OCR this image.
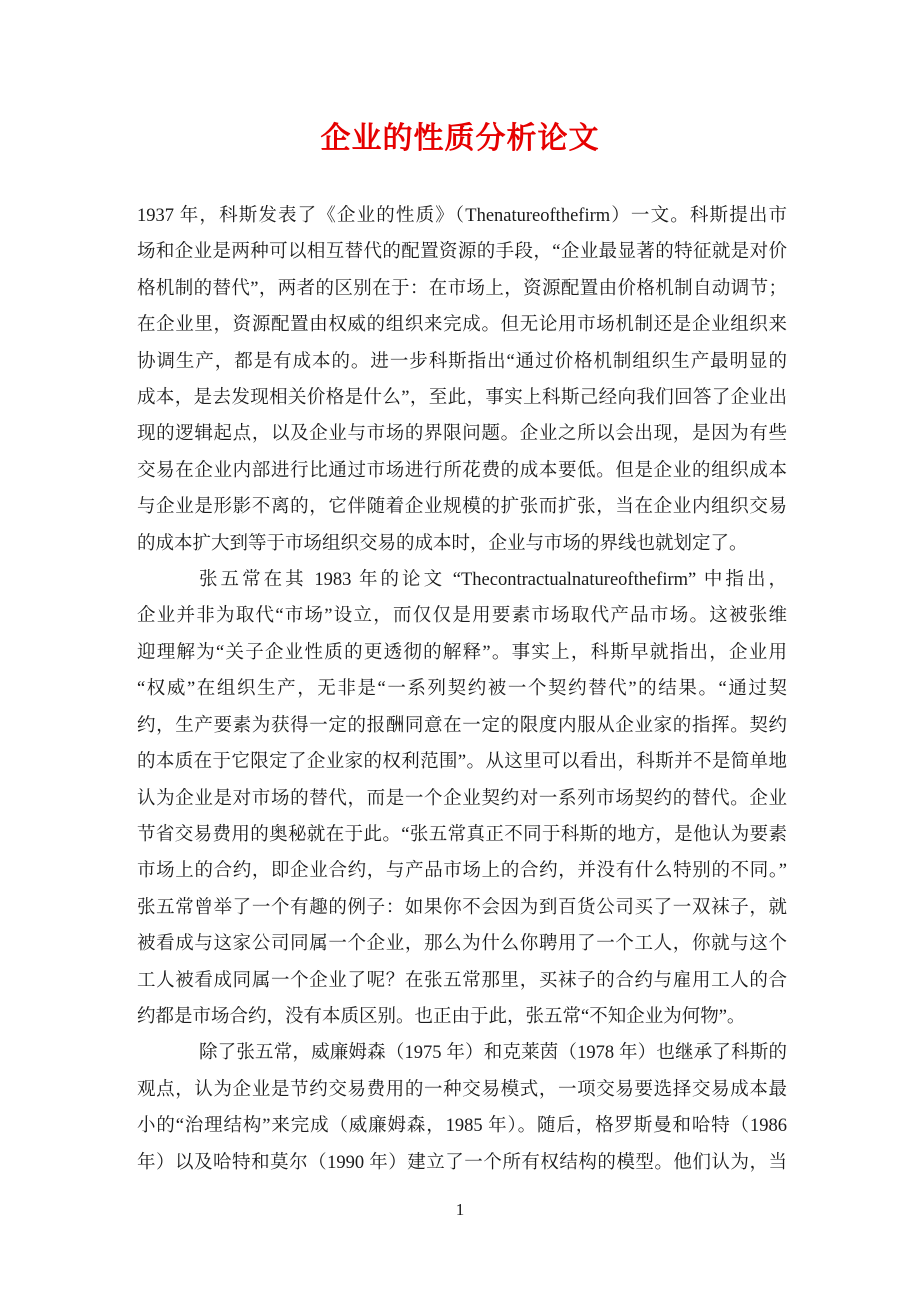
企业的性质分析论文
1937 年，科斯发表了《企业的性质》（Thenatureofthefirm）一文。科斯提出市
场和企业是两种可以相互替代的配置资源的手段，“企业最显著的特征就是对价
格机制的替代”，两者的区别在于：在市场上，资源配置由价格机制自动调节；
在企业里，资源配置由权威的组织来完成。但无论用市场机制还是企业组织来
协调生产，都是有成本的。进一步科斯指出“通过价格机制组织生产最明显的
成本，是去发现相关价格是什么”，至此，事实上科斯己经向我们回答了企业出
现的逻辑起点，以及企业与市场的界限问题。企业之所以会出现，是因为有些
交易在企业内部进行比通过市场进行所花费的成本要低。但是企业的组织成本
与企业是形影不离的，它伴随着企业规模的扩张而扩张，当在企业内组织交易
的成本扩大到等于市场组织交易的成本时，企业与市场的界线也就划定了。
张五常在其 1983 年的论文 “Thecontractualnatureofthefirm” 中指出，
企业并非为取代“市场”设立，而仅仅是用要素市场取代产品市场。这被张维
迎理解为“关子企业性质的更透彻的解释”。事实上，科斯早就指出，企业用
“权威”在组织生产，无非是“一系列契约被一个契约替代”的结果。“通过契
约，生产要素为获得一定的报酬同意在一定的限度内服从企业家的指挥。契约
的本质在于它限定了企业家的权利范围”。从这里可以看出，科斯并不是简单地
认为企业是对市场的替代，而是一个企业契约对一系列市场契约的替代。企业
节省交易费用的奥秘就在于此。“张五常真正不同于科斯的地方，是他认为要素
市场上的合约，即企业合约，与产品市场上的合约，并没有什么特别的不同。”
张五常曾举了一个有趣的例子：如果你不会因为到百货公司买了一双袜子，就
被看成与这家公司同属一个企业，那么为什么你聘用了一个工人，你就与这个
工人被看成同属一个企业了呢？在张五常那里，买袜子的合约与雇用工人的合
约都是市场合约，没有本质区别。也正由于此，张五常“不知企业为何物”。
除了张五常，威廉姆森（1975 年）和克莱茵（1978 年）也继承了科斯的
观点，认为企业是节约交易费用的一种交易模式，一项交易要选择交易成本最
小的“治理结构”来完成（威廉姆森，1985 年）。随后，格罗斯曼和哈特（1986
年）以及哈特和莫尔（1990 年）建立了一个所有权结构的模型。他们认为，当
1
